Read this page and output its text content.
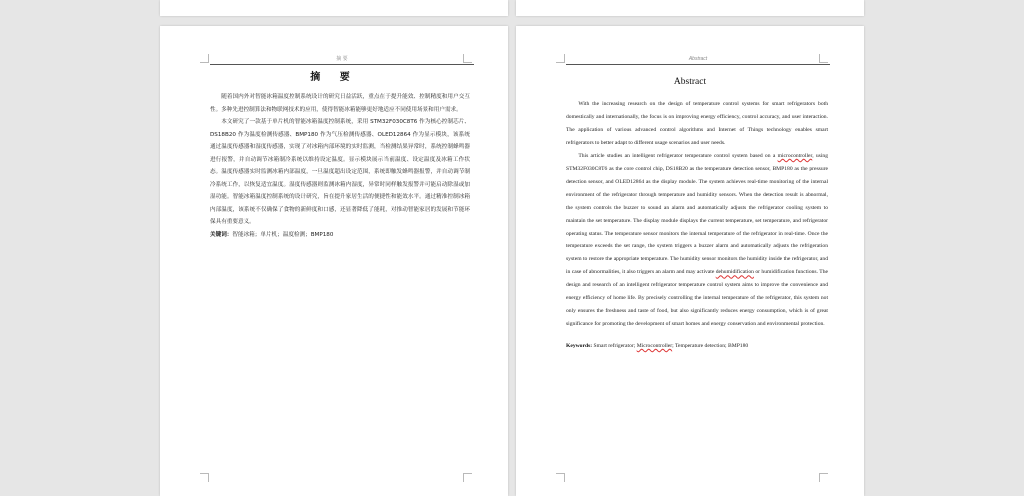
摘 要
摘 要

随着国内外对智能冰箱温度控制系统设计的研究日益活跃，重点在于提升能效、控制精度和用户交互性。多种先进控制算法和物联网技术的应用，使得智能冰箱能够更好地适应不同使用场景和用户需求。

本文研究了一款基于单片机的智能冰箱温度控制系统，采用 STM32F030C8T6 作为核心控制芯片、DS18B20 作为温度检测传感器、BMP180 作为气压检测传感器、OLED12864 作为显示模块，该系统通过温度传感器和湿度传感器，实现了对冰箱内部环境的实时监测，当检测结果异常时，系统控制蜂鸣器进行报警，并自动调节冰箱制冷系统以维持设定温度。显示模块展示当前温度、设定温度及冰箱工作状态。温度传感器实时监测冰箱内部温度，一旦温度超出设定范围，系统即触发蜂鸣器报警，并自动调节制冷系统工作，以恢复适宜温度。湿度传感器则监测冰箱内湿度，异常时同样触发报警并可能启动除湿或加湿功能。智能冰箱温度控制系统的设计研究，旨在提升家居生活的便捷性和能效水平。通过精准控制冰箱内部温度，该系统不仅确保了食物的新鲜度和口感，还显著降低了能耗，对推动智能家居的发展和节能环保具有重要意义。

关键词：智能冰箱；单片机；温度检测；BMP180

Abstract
Abstract

With the increasing research on the design of temperature control systems for smart refrigerators both domestically and internationally, the focus is on improving energy efficiency, control accuracy, and user interaction. The application of various advanced control algorithms and Internet of Things technology enables smart refrigerators to better adapt to different usage scenarios and user needs.

This article studies an intelligent refrigerator temperature control system based on a microcontroller, using STM32F030C8T6 as the core control chip, DS18B20 as the temperature detection sensor, BMP180 as the pressure detection sensor, and OLED12864 as the display module. The system achieves real-time monitoring of the internal environment of the refrigerator through temperature and humidity sensors. When the detection result is abnormal, the system controls the buzzer to sound an alarm and automatically adjusts the refrigerator cooling system to maintain the set temperature. The display module displays the current temperature, set temperature, and refrigerator operating status. The temperature sensor monitors the internal temperature of the refrigerator in real-time. Once the temperature exceeds the set range, the system triggers a buzzer alarm and automatically adjusts the refrigeration system to restore the appropriate temperature. The humidity sensor monitors the humidity inside the refrigerator, and in case of abnormalities, it also triggers an alarm and may activate dehumidification or humidification functions. The design and research of an intelligent refrigerator temperature control system aims to improve the convenience and energy efficiency of home life. By precisely controlling the internal temperature of the refrigerator, this system not only ensures the freshness and taste of food, but also significantly reduces energy consumption, which is of great significance for promoting the development of smart homes and energy conservation and environmental protection.

Keywords: Smart refrigerator; Microcontroller; Temperature detection; BMP180
